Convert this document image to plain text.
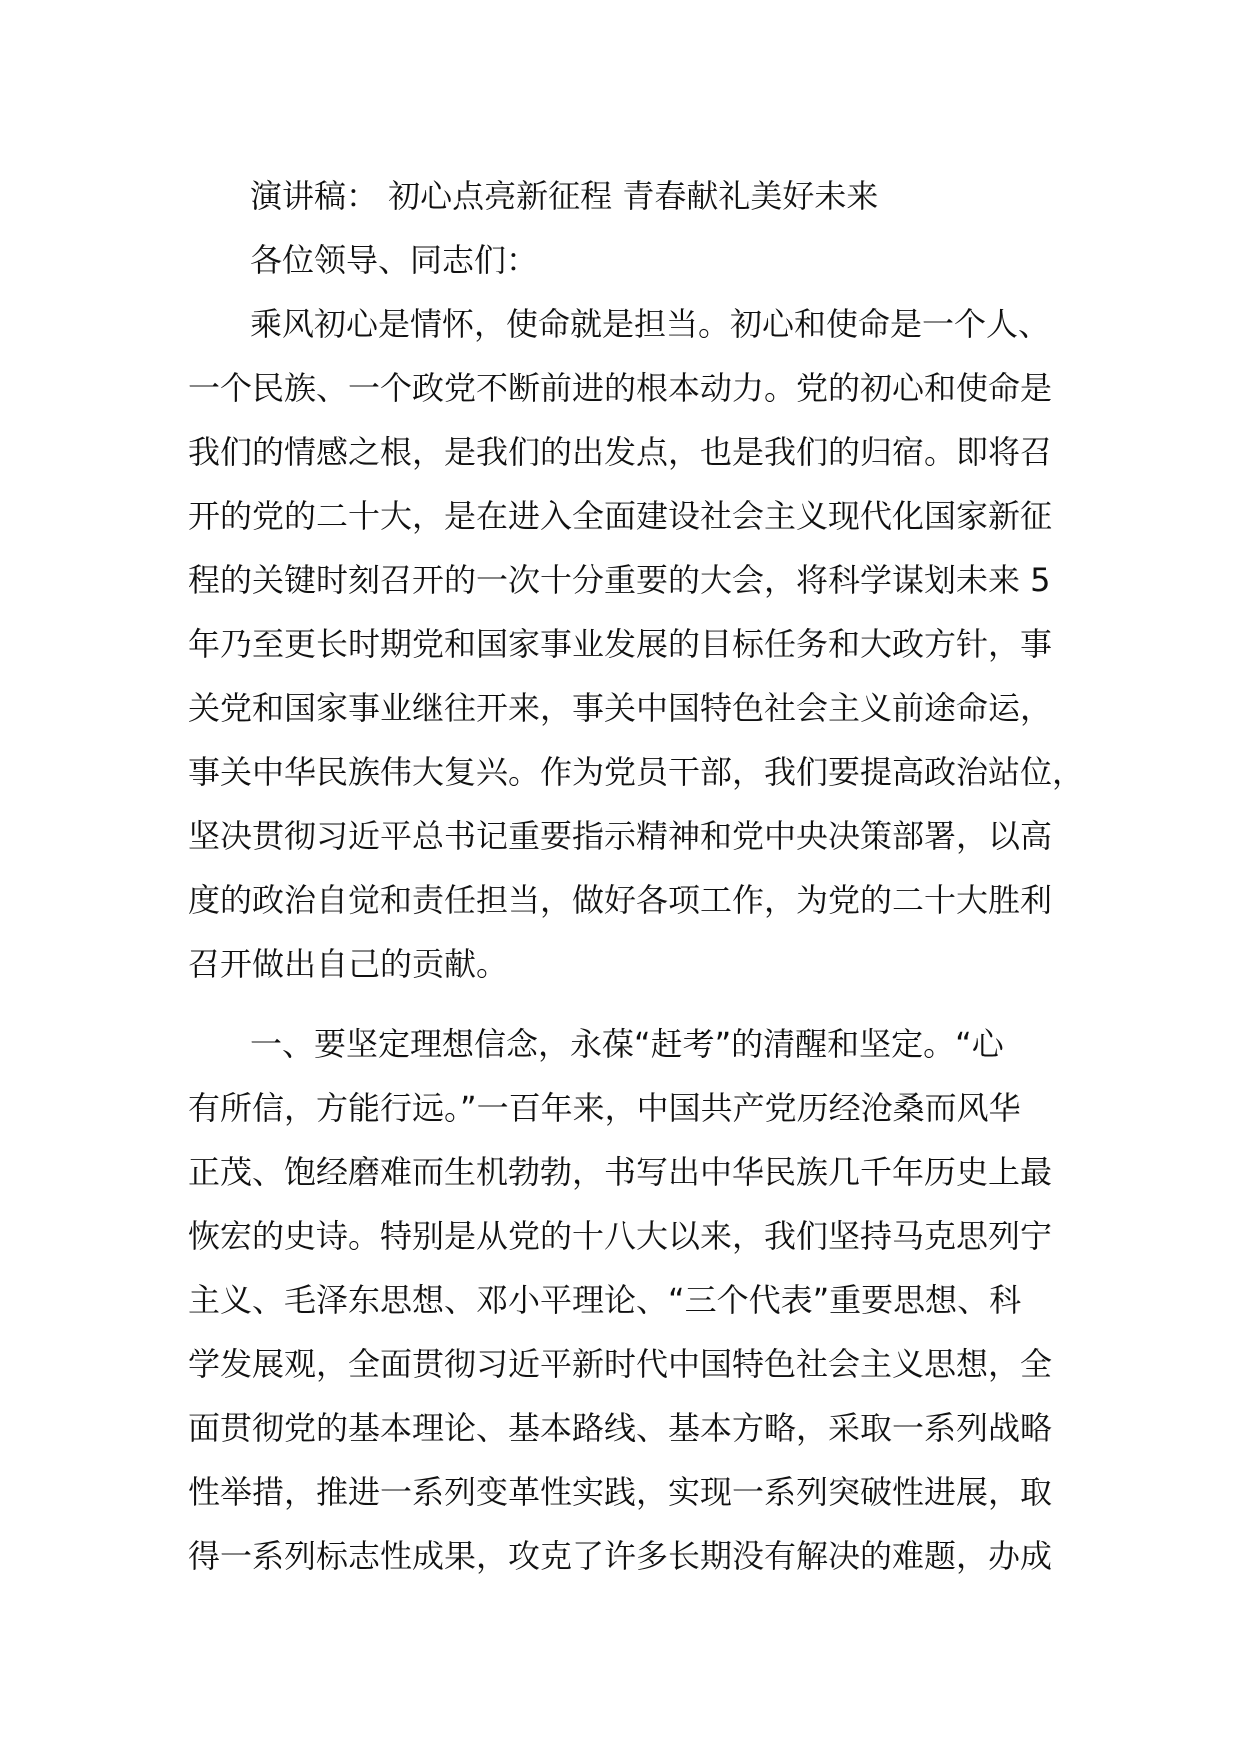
演讲稿： 初心点亮新征程 青春献礼美好未来
各位领导、同志们：
乘风初心是情怀，使命就是担当。初心和使命是一个人、
一个民族、一个政党不断前进的根本动力。党的初心和使命是
我们的情感之根，是我们的出发点，也是我们的归宿。即将召
开的党的二十大，是在进入全面建设社会主义现代化国家新征
程的关键时刻召开的一次十分重要的大会，将科学谋划未来 5
年乃至更长时期党和国家事业发展的目标任务和大政方针，事
关党和国家事业继往开来，事关中国特色社会主义前途命运，
事关中华民族伟大复兴。作为党员干部，我们要提高政治站位，
坚决贯彻习近平总书记重要指示精神和党中央决策部署，以高
度的政治自觉和责任担当，做好各项工作，为党的二十大胜利
召开做出自己的贡献。
一、要坚定理想信念，永葆“赶考”的清醒和坚定。“心
有所信，方能行远。”一百年来，中国共产党历经沧桑而风华
正茂、饱经磨难而生机勃勃，书写出中华民族几千年历史上最
恢宏的史诗。特别是从党的十八大以来，我们坚持马克思列宁
主义、毛泽东思想、邓小平理论、“三个代表”重要思想、科
学发展观，全面贯彻习近平新时代中国特色社会主义思想，全
面贯彻党的基本理论、基本路线、基本方略，采取一系列战略
性举措，推进一系列变革性实践，实现一系列突破性进展，取
得一系列标志性成果，攻克了许多长期没有解决的难题，办成
